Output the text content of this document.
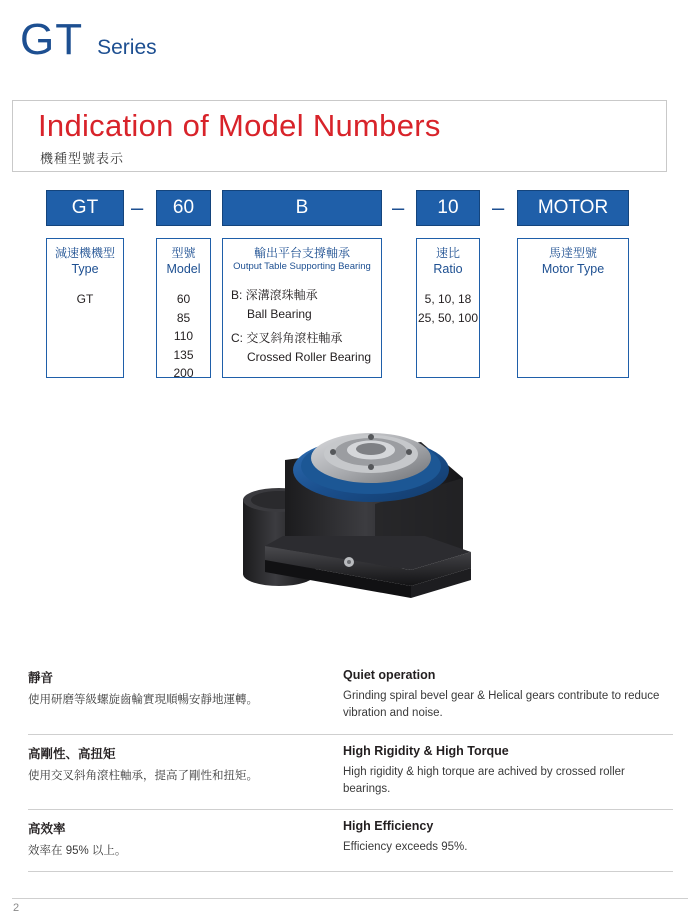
GT Series
Indication of Model Numbers
機種型號表示
GT	–	60	B	–	10	–	MOTOR
減速機機型
Type
GT
型號
Model
60
85
110
135
200
輸出平台支撐軸承
Output Table Supporting Bearing
B: 深溝滾珠軸承
Ball Bearing
C: 交叉斜角滾柱軸承
Crossed Roller Bearing
速比
Ratio
5, 10, 18
25, 50, 100
馬達型號
Motor Type
靜音
使用研磨等級螺旋齒輪實現順暢安靜地運轉。
Quiet operation
Grinding spiral bevel gear & Helical gears contribute to reduce vibration and noise.
高剛性、高扭矩
使用交叉斜角滾柱軸承，提高了剛性和扭矩。
High Rigidity & High Torque
High rigidity & high torque are achived by crossed roller bearings.
高效率
效率在 95% 以上。
High Efficiency
Efficiency exceeds 95%.
2
